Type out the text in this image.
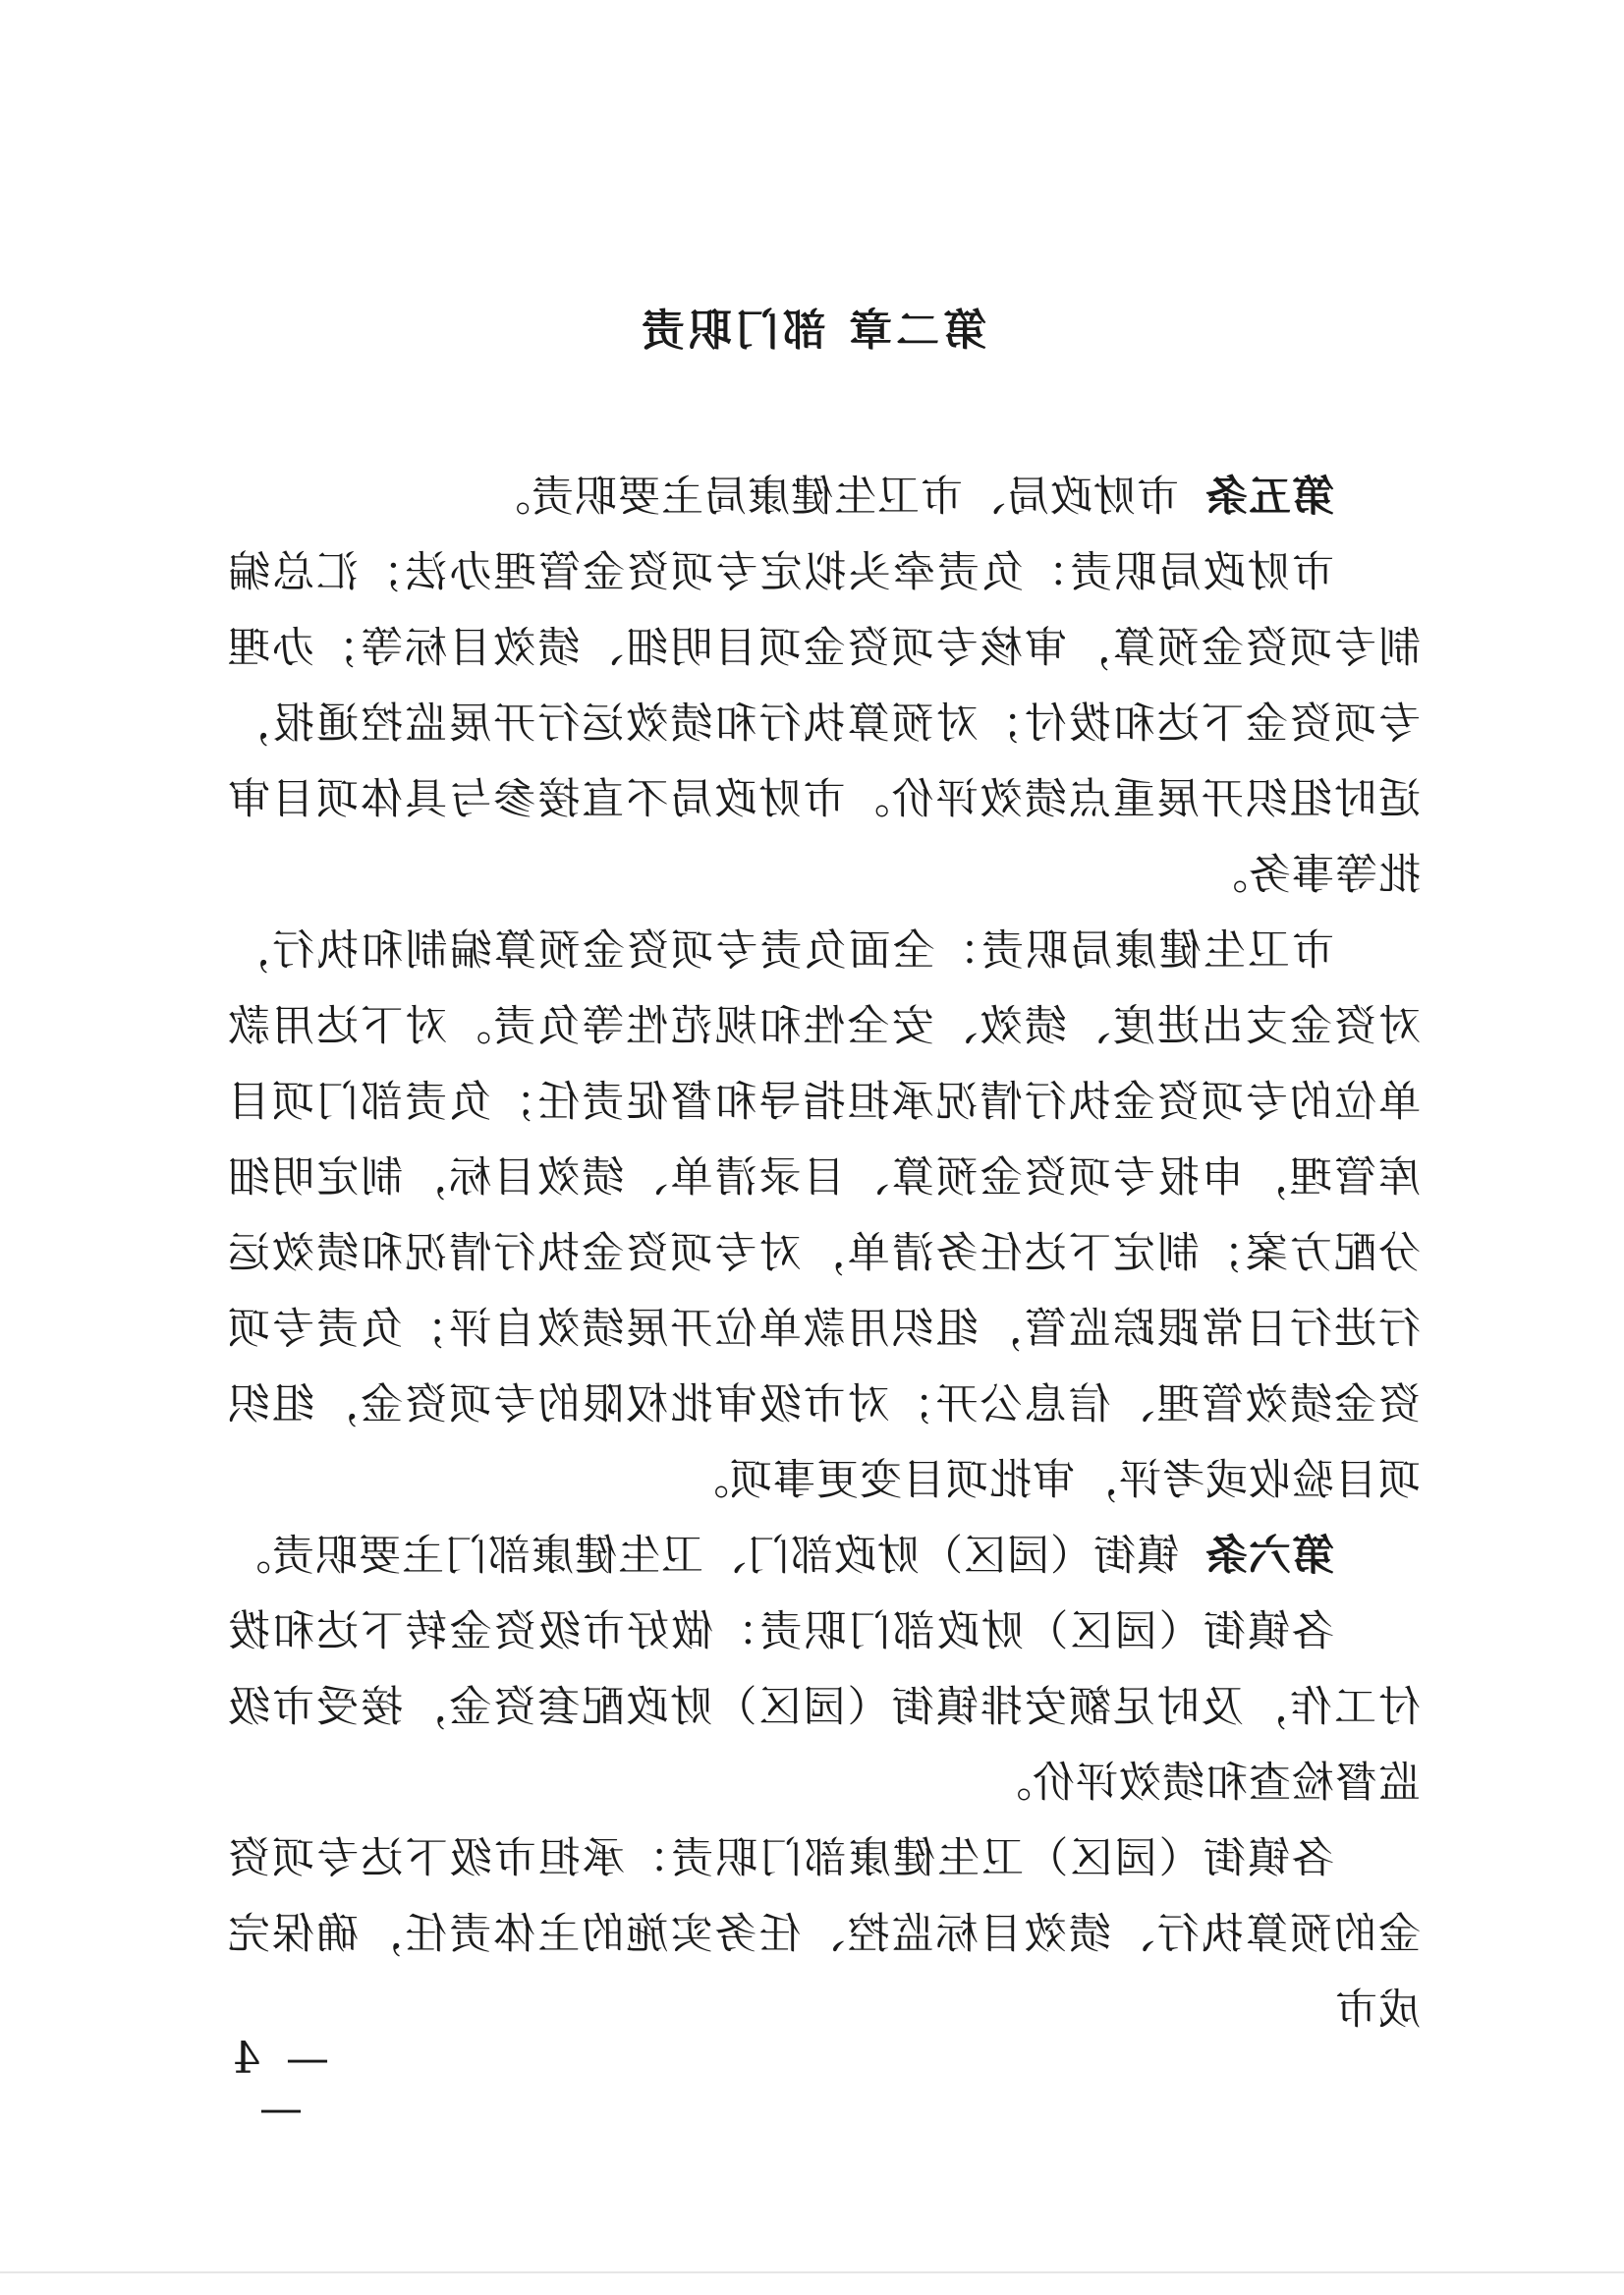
第二章 部门职责

第五条市财政局、市卫生健康局主要职责。

市财政局职责：负责牵头拟定专项资金管理办法；汇总编制专项资金预算，审核专项资金项目明细、绩效目标等；办理专项资金下达和拨付；对预算执行和绩效运行开展监控通报，适时组织开展重点绩效评价。市财政局不直接参与具体项目审批等事务。

市卫生健康局职责：全面负责专项资金预算编制和执行，对资金支出进度、绩效、安全性和规范性等负责。对下达用款单位的专项资金执行情况承担指导和督促责任；负责部门项目库管理，申报专项资金预算、目录清单、绩效目标，制定明细分配方案；制定下达任务清单，对专项资金执行情况和绩效运行进行日常跟踪监管，组织用款单位开展绩效自评；负责专项资金绩效管理、信息公开；对市级审批权限的专项资金，组织项目验收或考评，审批项目变更事项。

第六条镇街（园区）财政部门、卫生健康部门主要职责。

各镇街（园区）财政部门职责：做好市级资金转下达和拨付工作，及时足额安排镇街（园区）财政配套资金，接受市级监督检查和绩效评价。

各镇街（园区）卫生健康部门职责：承担市级下达专项资金的预算执行、绩效目标监控、任务实施的主体责任，确保完成市

— 4 —
